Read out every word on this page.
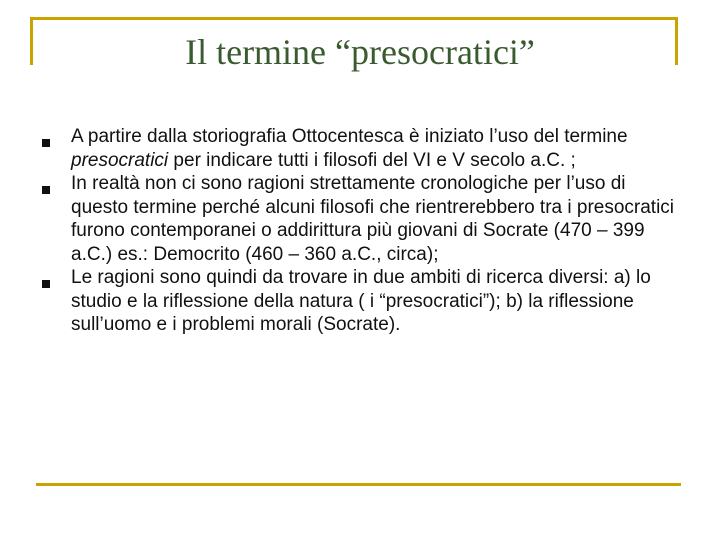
Il termine “presocratici”
A partire dalla storiografia Ottocentesca è iniziato l’uso del termine presocratici per indicare tutti i filosofi del VI e V secolo a.C. ;
In realtà non ci sono ragioni strettamente cronologiche per l’uso di questo termine perché alcuni filosofi che rientrerebbero tra i presocratici furono contemporanei o addirittura più giovani di Socrate (470 – 399 a.C.) es.: Democrito (460 – 360 a.C., circa);
Le ragioni sono quindi da trovare in due ambiti di ricerca diversi: a) lo studio e la riflessione della natura ( i “presocratici”); b) la riflessione sull’uomo e i problemi morali (Socrate).
